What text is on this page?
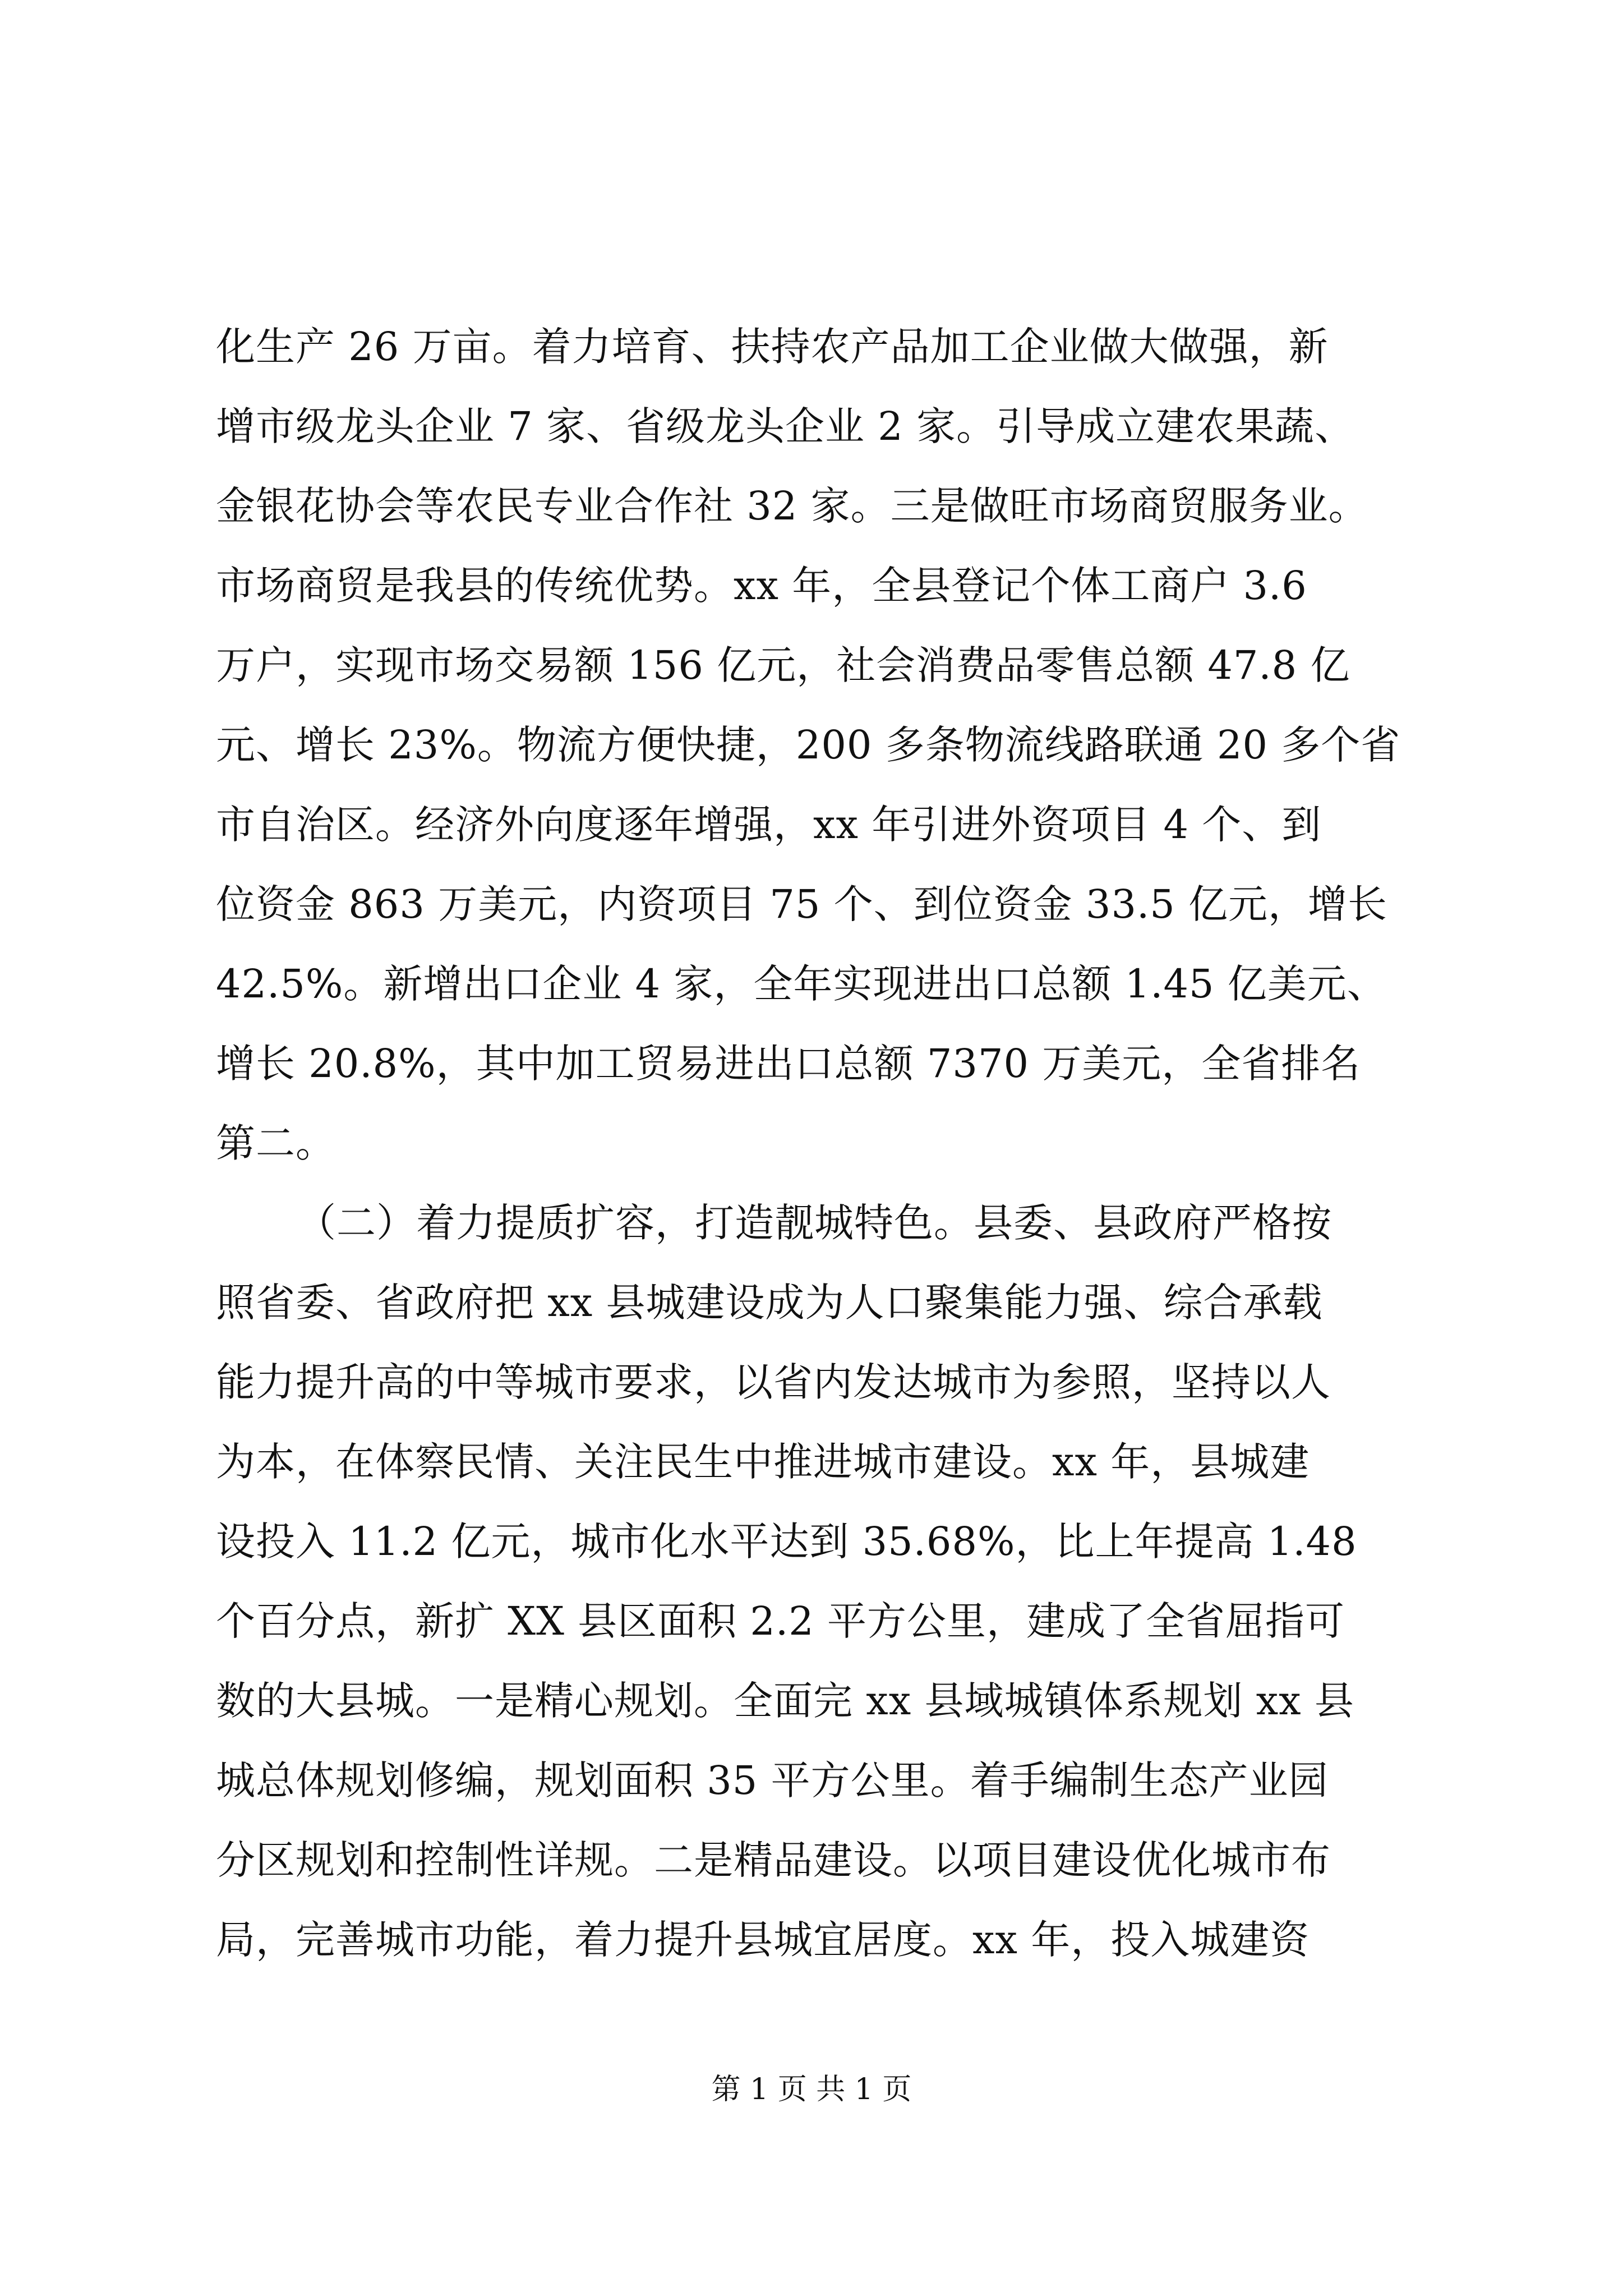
化生产 26 万亩。着力培育、扶持农产品加工企业做大做强，新
增市级龙头企业 7 家、省级龙头企业 2 家。引导成立建农果蔬、
金银花协会等农民专业合作社 32 家。三是做旺市场商贸服务业。
市场商贸是我县的传统优势。xx 年，全县登记个体工商户 3.6
万户，实现市场交易额 156 亿元，社会消费品零售总额 47.8 亿
元、增长 23%。物流方便快捷，200 多条物流线路联通 20 多个省
市自治区。经济外向度逐年增强，xx 年引进外资项目 4 个、到
位资金 863 万美元，内资项目 75 个、到位资金 33.5 亿元，增长
42.5%。新增出口企业 4 家，全年实现进出口总额 1.45 亿美元、
增长 20.8%，其中加工贸易进出口总额 7370 万美元，全省排名
第二。
（二）着力提质扩容，打造靓城特色。县委、县政府严格按
照省委、省政府把 xx 县城建设成为人口聚集能力强、综合承载
能力提升高的中等城市要求，以省内发达城市为参照，坚持以人
为本，在体察民情、关注民生中推进城市建设。xx 年，县城建
设投入 11.2 亿元，城市化水平达到 35.68%，比上年提高 1.48
个百分点，新扩 XX 县区面积 2.2 平方公里，建成了全省屈指可
数的大县城。一是精心规划。全面完 xx 县域城镇体系规划 xx 县
城总体规划修编，规划面积 35 平方公里。着手编制生态产业园
分区规划和控制性详规。二是精品建设。以项目建设优化城市布
局，完善城市功能，着力提升县城宜居度。xx 年，投入城建资
第 1 页 共 1 页
